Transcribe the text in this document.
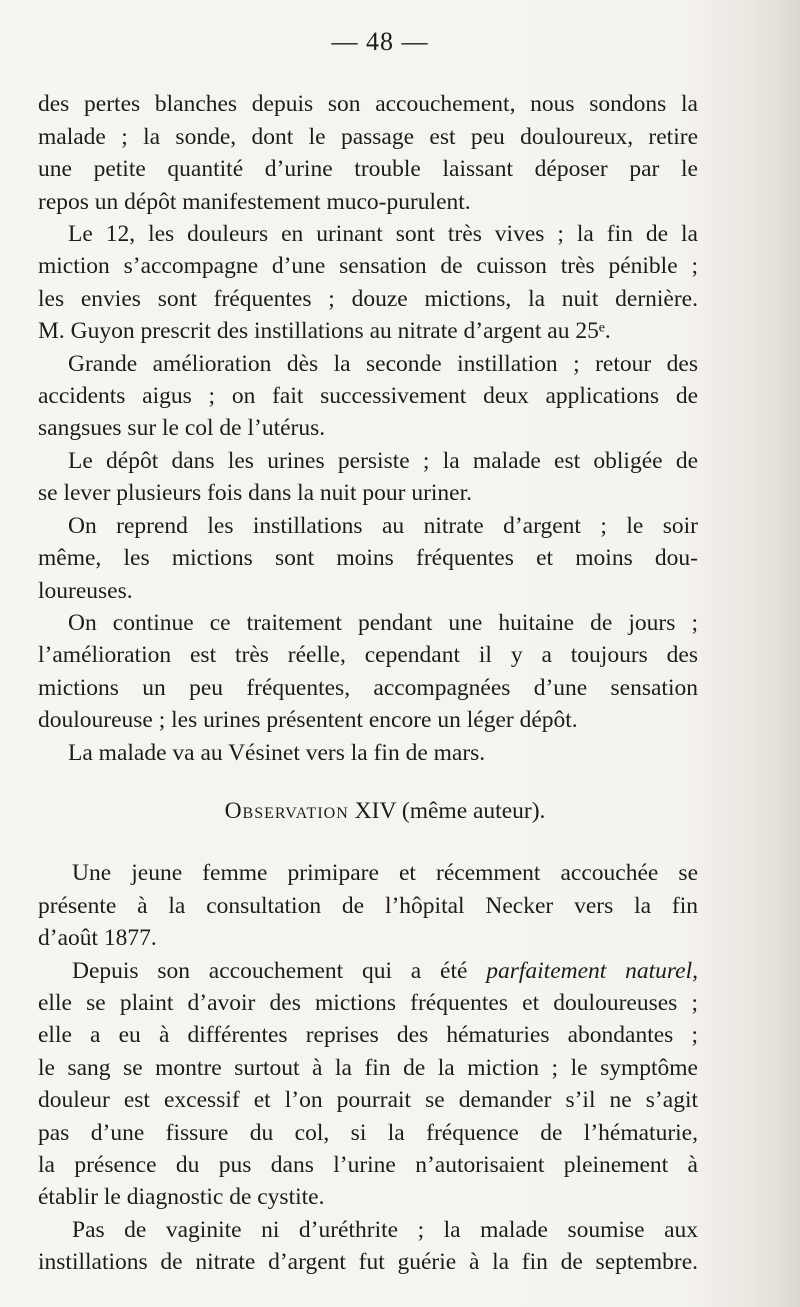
— 48 —

des pertes blanches depuis son accouchement, nous sondons la
malade ; la sonde, dont le passage est peu douloureux, retire
une petite quantité d’urine trouble laissant déposer par le
repos un dépôt manifestement muco-purulent.

Le 12, les douleurs en urinant sont très vives ; la fin de la
miction s’accompagne d’une sensation de cuisson très pénible ;
les envies sont fréquentes ; douze mictions, la nuit dernière.
M. Guyon prescrit des instillations au nitrate d’argent au 25ᵉ.

Grande amélioration dès la seconde instillation ; retour des
accidents aigus ; on fait successivement deux applications de
sangsues sur le col de l’utérus.

Le dépôt dans les urines persiste ; la malade est obligée de
se lever plusieurs fois dans la nuit pour uriner.

On reprend les instillations au nitrate d’argent ; le soir
même, les mictions sont moins fréquentes et moins dou-
loureuses.

On continue ce traitement pendant une huitaine de jours ;
l’amélioration est très réelle, cependant il y a toujours des
mictions un peu fréquentes, accompagnées d’une sensation
douloureuse ; les urines présentent encore un léger dépôt.

La malade va au Vésinet vers la fin de mars.

Observation XIV (même auteur).

Une jeune femme primipare et récemment accouchée se
présente à la consultation de l’hôpital Necker vers la fin
d’août 1877.

Depuis son accouchement qui a été parfaitement naturel,
elle se plaint d’avoir des mictions fréquentes et douloureuses ;
elle a eu à différentes reprises des hématuries abondantes ;
le sang se montre surtout à la fin de la miction ; le symptôme
douleur est excessif et l’on pourrait se demander s’il ne s’agit
pas d’une fissure du col, si la fréquence de l’hématurie,
la présence du pus dans l’urine n’autorisaient pleinement à
établir le diagnostic de cystite.

Pas de vaginite ni d’uréthrite ; la malade soumise aux
instillations de nitrate d’argent fut guérie à la fin de septembre.
